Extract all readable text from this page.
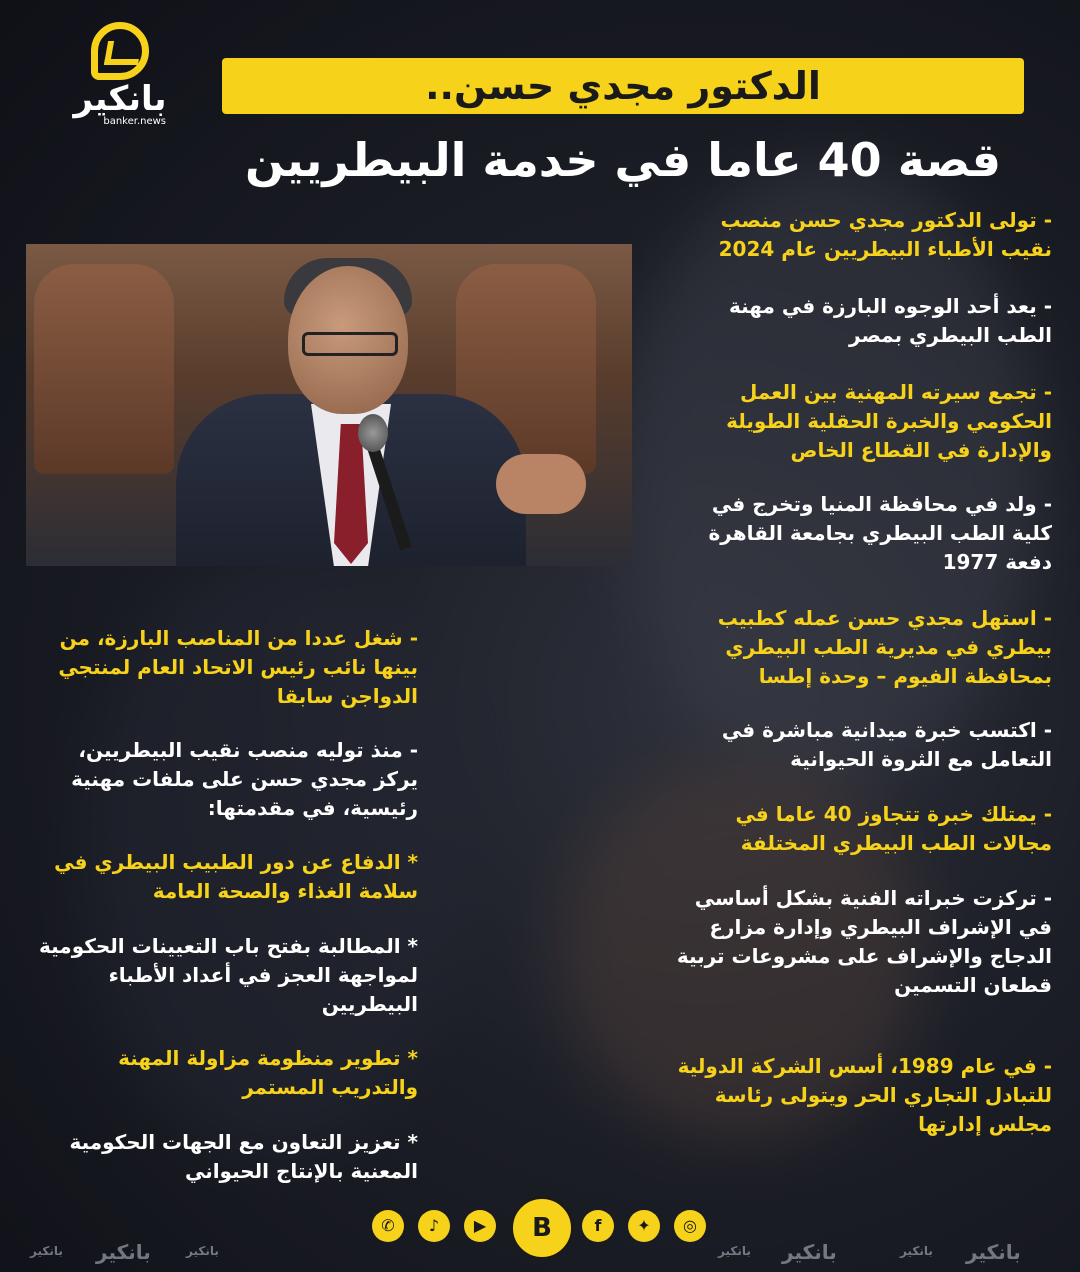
بانكير
banker.news
الدكتور مجدي حسن..
قصة 40 عاما في خدمة البيطريين
- تولى الدكتور مجدي حسن منصب نقيب الأطباء البيطريين عام 2024
- يعد أحد الوجوه البارزة في مهنة الطب البيطري بمصر
- تجمع سيرته المهنية بين العمل الحكومي والخبرة الحقلية الطويلة والإدارة في القطاع الخاص
- ولد في محافظة المنيا وتخرج في كلية الطب البيطري بجامعة القاهرة دفعة 1977
- استهل مجدي حسن عمله كطبيب بيطري في مديرية الطب البيطري بمحافظة الفيوم – وحدة إطسا
- اكتسب خبرة ميدانية مباشرة في التعامل مع الثروة الحيوانية
- يمتلك خبرة تتجاوز 40 عاما في مجالات الطب البيطري المختلفة
- تركزت خبراته الفنية بشكل أساسي في الإشراف البيطري وإدارة مزارع الدجاج والإشراف على مشروعات تربية قطعان التسمين
- في عام 1989، أسس الشركة الدولية للتبادل التجاري الحر ويتولى رئاسة مجلس إدارتها
- شغل عددا من المناصب البارزة، من بينها نائب رئيس الاتحاد العام لمنتجي الدواجن سابقا
- منذ توليه منصب نقيب البيطريين، يركز مجدي حسن على ملفات مهنية رئيسية، في مقدمتها:
* الدفاع عن دور الطبيب البيطري في سلامة الغذاء والصحة العامة
* المطالبة بفتح باب التعيينات الحكومية لمواجهة العجز في أعداد الأطباء البيطريين
* تطوير منظومة مزاولة المهنة والتدريب المستمر
* تعزيز التعاون مع الجهات الحكومية المعنية بالإنتاج الحيواني
بانكير
بانكير	بانكير	بانكير
بانكير	بانكير بانكير
✆	♪	▶	B	f	✦	◎
